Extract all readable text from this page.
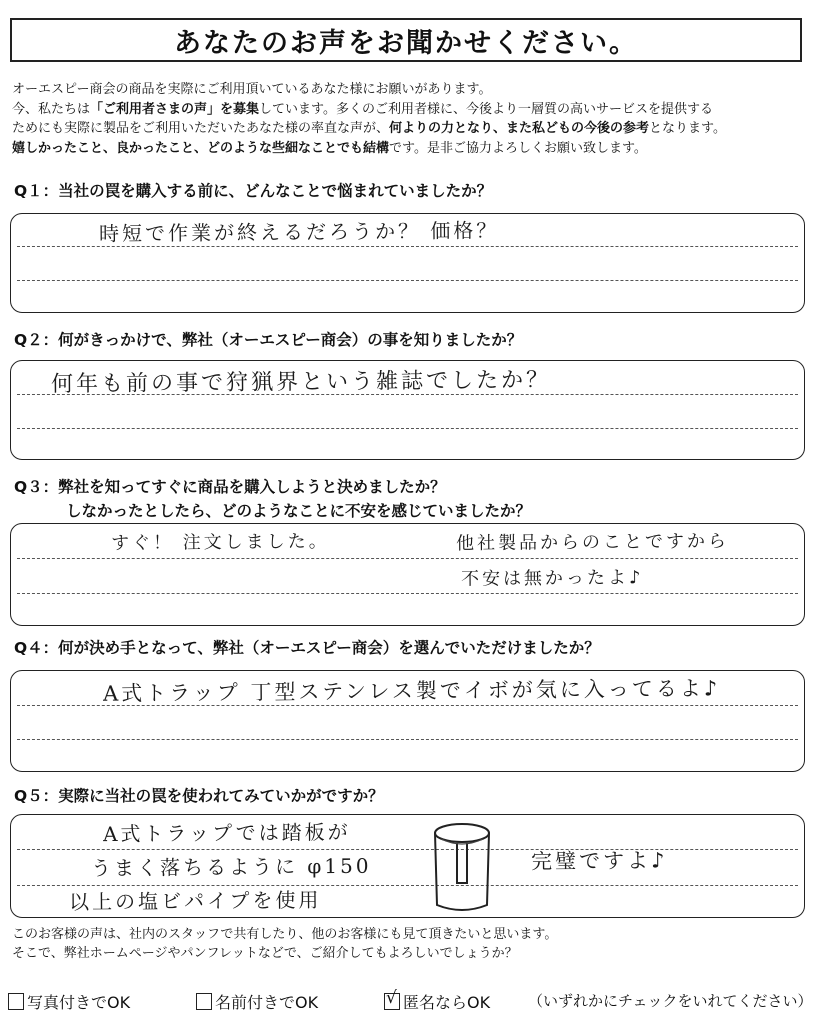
あなたのお声をお聞かせください。
オーエスピー商会の商品を実際にご利用頂いているあなた様にお願いがあります。
今、私たちは「ご利用者さまの声」を募集しています。多くのご利用者様に、今後より一層質の高いサービスを提供する
ためにも実際に製品をご利用いただいたあなた様の率直な声が、何よりの力となり、また私どもの今後の参考となります。
嬉しかったこと、良かったこと、どのような些細なことでも結構です。是非ご協力よろしくお願い致します。
Q１：当社の罠を購入する前に、どんなことで悩まれていましたか？
時短で作業が終えるだろうか？ 価格？
Q２：何がきっかけで、弊社（オーエスピー商会）の事を知りましたか？
何年も前の事で狩猟界という雑誌でしたか？
Q３：弊社を知ってすぐに商品を購入しようと決めましたか？
しなかったとしたら、どのようなことに不安を感じていましたか？
すぐ！ 注文しました。	他社製品からのことですから
不安は無かったよ♪
Q４：何が決め手となって、弊社（オーエスピー商会）を選んでいただけましたか？
A式トラップ 丁型ステンレス製でイボが気に入ってるよ♪
Q５：実際に当社の罠を使われてみていかがですか？
A式トラップでは踏板が
うまく落ちるように φ150
以上の塩ビパイプを使用
完璧ですよ♪
このお客様の声は、社内のスタッフで共有したり、他のお客様にも見て頂きたいと思います。
そこで、弊社ホームページやパンフレットなどで、ご紹介してもよろしいでしょうか？
写真付きでOK	名前付きでOK	√ 匿名ならOK	（いずれかにチェックをいれてください）
